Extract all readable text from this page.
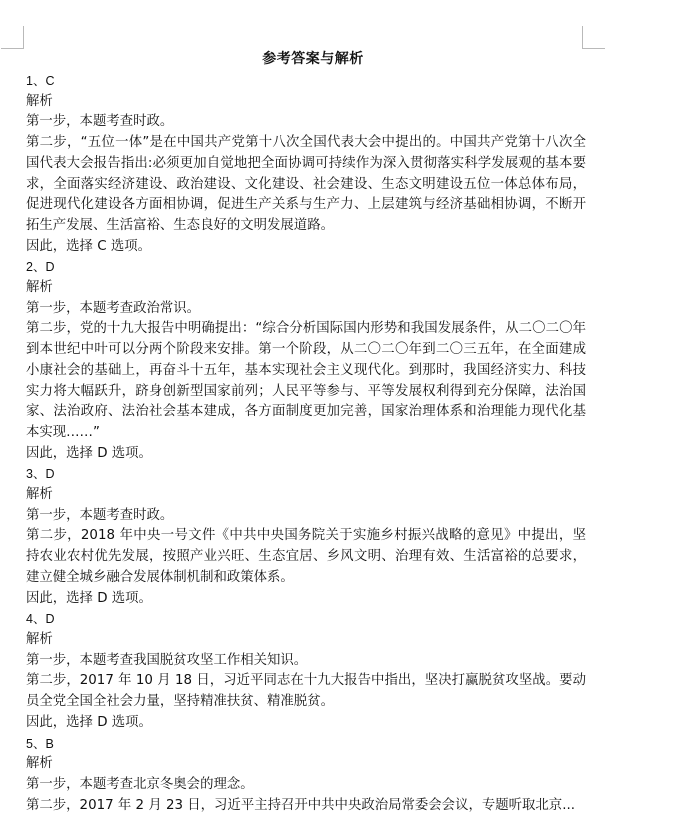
参考答案与解析

1、C

解析

第一步，本题考查时政。

第二步，“五位一体”是在中国共产党第十八次全国代表大会中提出的。中国共产党第十八次全国代表大会报告指出:必须更加自觉地把全面协调可持续作为深入贯彻落实科学发展观的基本要求，全面落实经济建设、政治建设、文化建设、社会建设、生态文明建设五位一体总体布局，促进现代化建设各方面相协调，促进生产关系与生产力、上层建筑与经济基础相协调，不断开拓生产发展、生活富裕、生态良好的文明发展道路。

因此，选择 C 选项。

2、D

解析

第一步，本题考查政治常识。

第二步，党的十九大报告中明确提出：“综合分析国际国内形势和我国发展条件，从二〇二〇年到本世纪中叶可以分两个阶段来安排。第一个阶段，从二〇二〇年到二〇三五年，在全面建成小康社会的基础上，再奋斗十五年，基本实现社会主义现代化。到那时，我国经济实力、科技实力将大幅跃升，跻身创新型国家前列；人民平等参与、平等发展权利得到充分保障，法治国家、法治政府、法治社会基本建成，各方面制度更加完善，国家治理体系和治理能力现代化基本实现……”

因此，选择 D 选项。

3、D

解析

第一步，本题考查时政。

第二步，2018 年中央一号文件《中共中央国务院关于实施乡村振兴战略的意见》中提出，坚持农业农村优先发展，按照产业兴旺、生态宜居、乡风文明、治理有效、生活富裕的总要求，建立健全城乡融合发展体制机制和政策体系。

因此，选择 D 选项。

4、D

解析

第一步，本题考查我国脱贫攻坚工作相关知识。

第二步，2017 年 10 月 18 日，习近平同志在十九大报告中指出，坚决打赢脱贫攻坚战。要动员全党全国全社会力量，坚持精准扶贫、精准脱贫。

因此，选择 D 选项。

5、B

解析

第一步，本题考查北京冬奥会的理念。

第二步，2017 年 2 月 23 日，习近平主持召开中共中央政治局常委会会议，专题听取北京...
